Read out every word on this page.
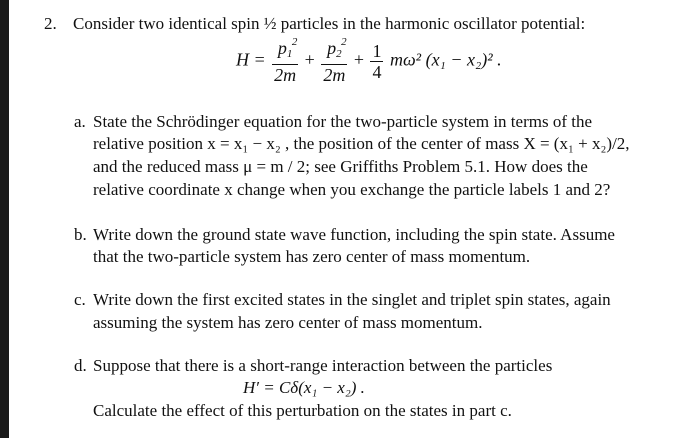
2. Consider two identical spin ½ particles in the harmonic oscillator potential:
H = p1
2
2m + p2
2
$2m + \frac{1}{4} m\omega^2$ (x₁ − x₂)² .
a. State the Schrödinger equation for the two-particle system in terms of the
relative position x = x₁ − x₂ , the position of the center of mass X = (x₁ + x₂)/2,
and the reduced mass μ = m / 2; see Griffiths Problem 5.1. How does the
relative coordinate x change when you exchange the particle labels 1 and 2?
b. Write down the ground state wave function, including the spin state. Assume
that the two-particle system has zero center of mass momentum.
c. Write down the first excited states in the singlet and triplet spin states, again
assuming the system has zero center of mass momentum.
d. Suppose that there is a short-range interaction between the particles
H′ = Cδ(x₁ − x₂) .
Calculate the effect of this perturbation on the states in part c.
